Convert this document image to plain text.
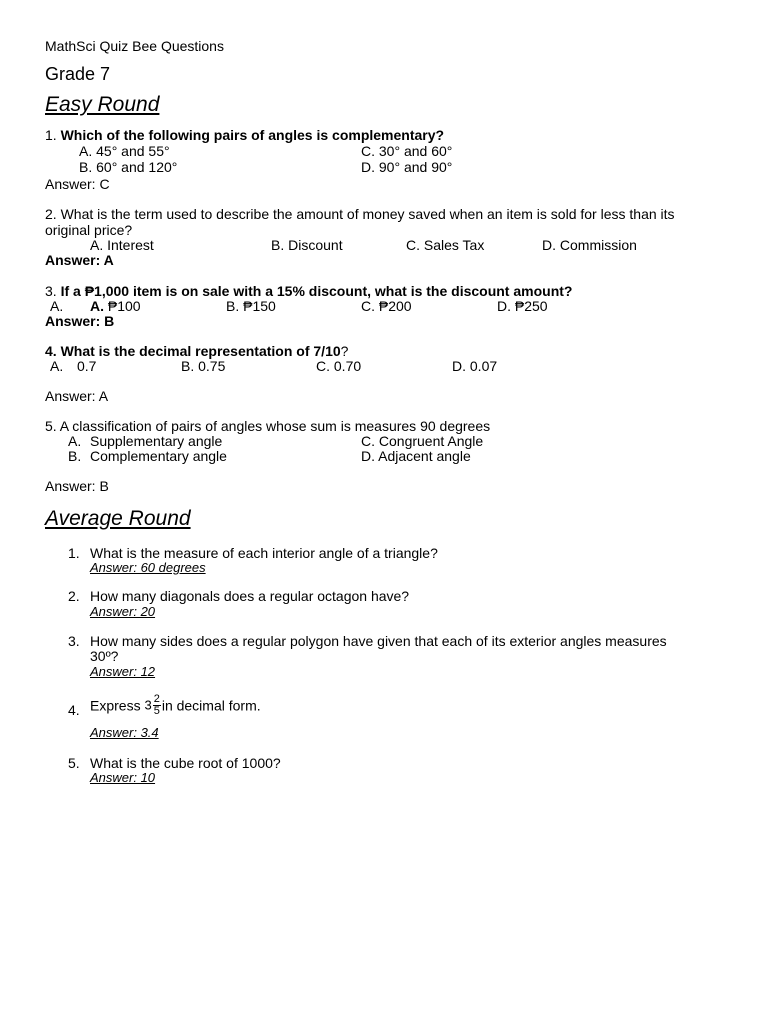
MathSci Quiz Bee Questions
Grade 7
Easy Round
1. Which of the following pairs of angles is complementary?
A. 45° and 55°	C. 30° and 60°
B. 60° and 120°	D. 90° and 90°
Answer: C
2. What is the term used to describe the amount of money saved when an item is sold for less than its
original price?
A. Interest	B. Discount	C. Sales Tax	D. Commission
Answer: A
3. If a ₱1,000 item is on sale with a 15% discount, what is the discount amount?
A. A. ₱100	B. ₱150	C. ₱200	D. ₱250
Answer: B
4. What is the decimal representation of 7/10?
A. 0.7	B. 0.75	C. 0.70	D. 0.07
Answer: A
5. A classification of pairs of angles whose sum is measures 90 degrees
A. Supplementary angle	C. Congruent Angle
B. Complementary angle	D. Adjacent angle
Answer: B
Average Round
1. What is the measure of each interior angle of a triangle?
Answer: 60 degrees
2. How many diagonals does a regular octagon have?
Answer: 20
3. How many sides does a regular polygon have given that each of its exterior angles measures
30º?
Answer: 12
4. Express $3 \frac{2}{5}$ in decimal form.
Answer: 3.4
5. What is the cube root of 1000?
Answer: 10
